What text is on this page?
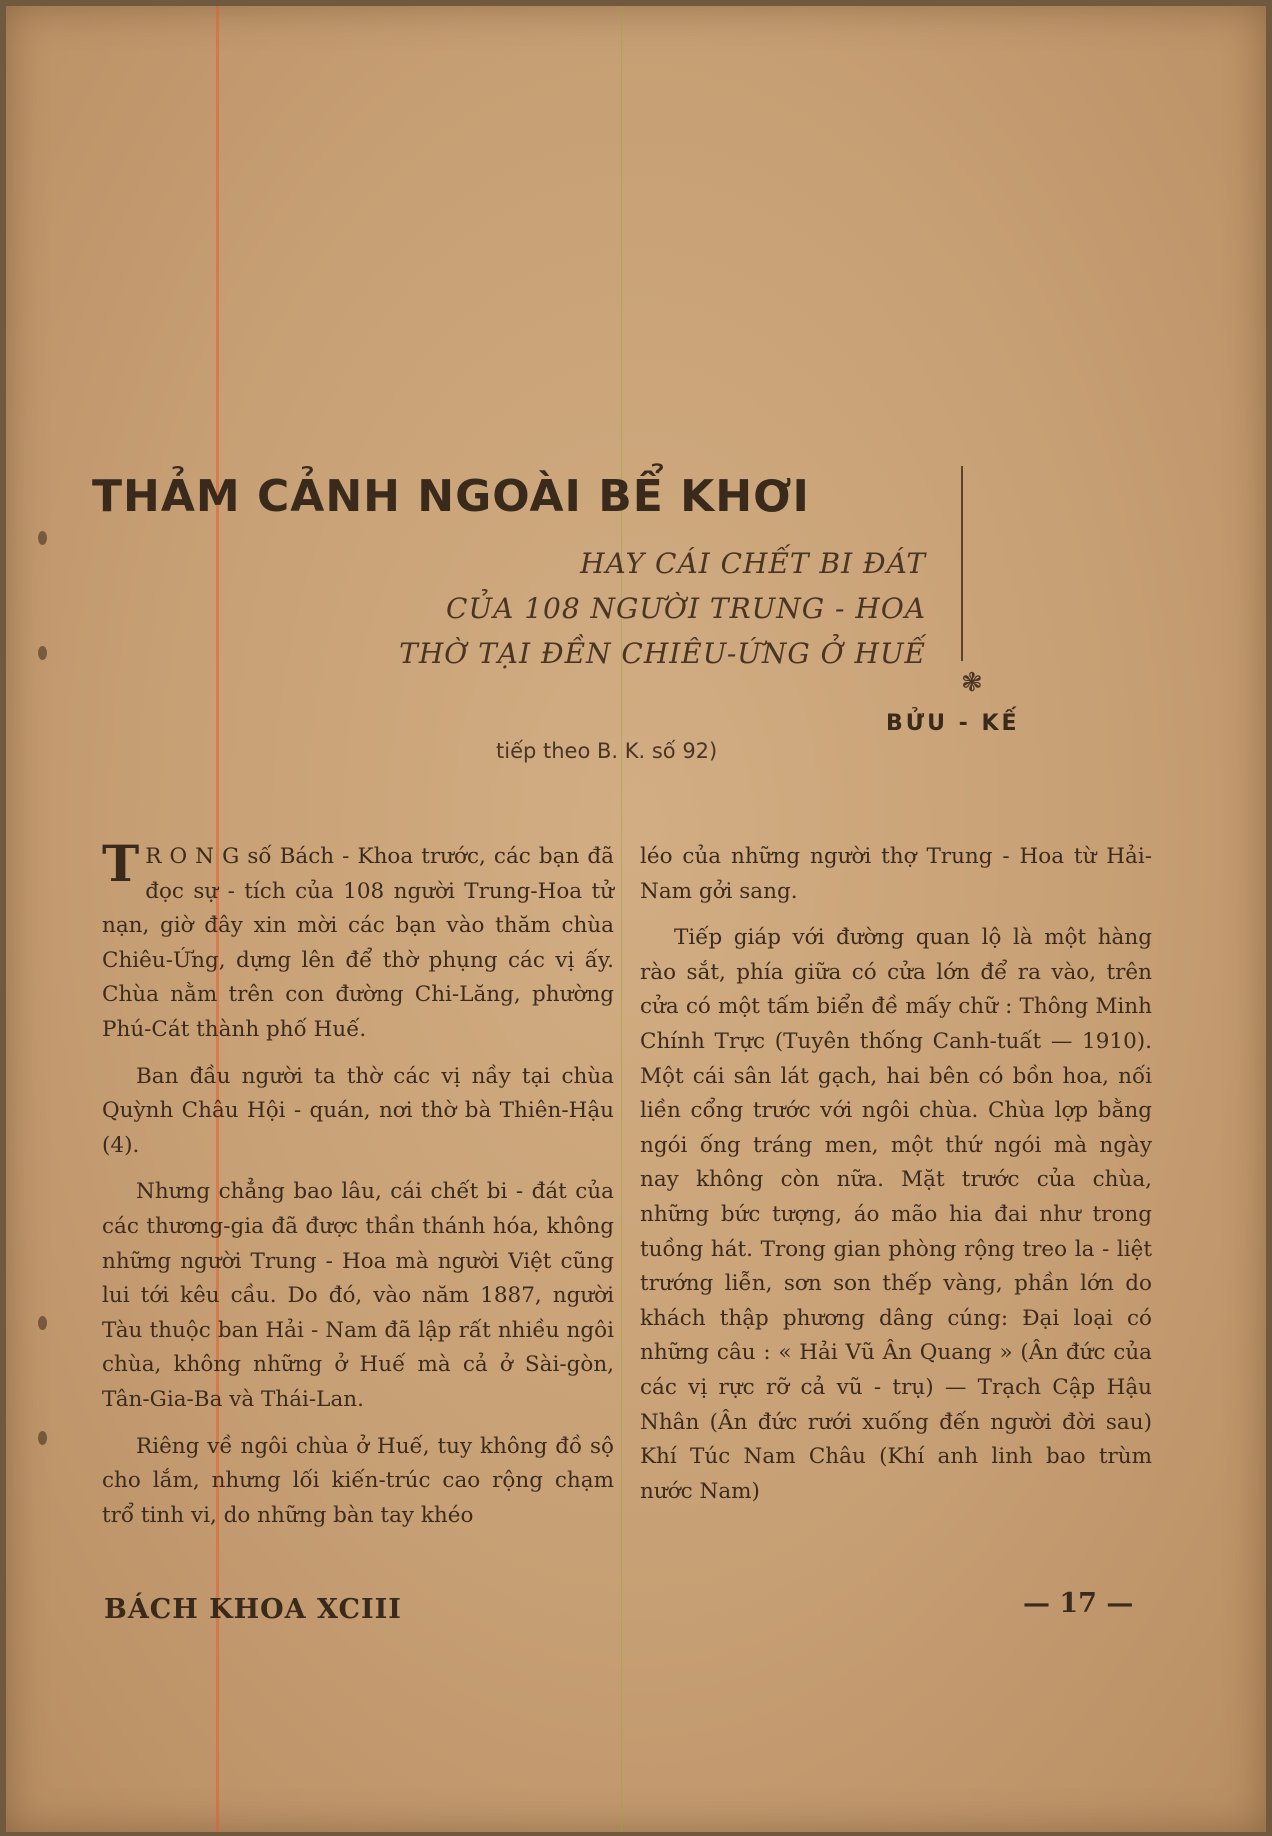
THẢM CẢNH NGOÀI BỂ KHƠI
HAY CÁI CHẾT BI ĐÁT
CỦA 108 NGƯỜI TRUNG - HOA
THỜ TẠI ĐỀN CHIÊU-ỨNG Ở HUẾ
❃
BỬU - KẾ
tiếp theo B. K. số 92)

T R O N G số Bách - Khoa trước, các bạn đã đọc sự - tích của 108 người Trung-Hoa tử nạn, giờ đây xin mời các bạn vào thăm chùa Chiêu-Ứng, dựng lên để thờ phụng các vị ấy. Chùa nằm trên con đường Chi-Lăng, phường Phú-Cát thành phố Huế.

Ban đầu người ta thờ các vị nầy tại chùa Quỳnh Châu Hội - quán, nơi thờ bà Thiên-Hậu (4).

Nhưng chẳng bao lâu, cái chết bi - đát của các thương-gia đã được thần thánh hóa, không những người Trung - Hoa mà người Việt cũng lui tới kêu cầu. Do đó, vào năm 1887, người Tàu thuộc ban Hải - Nam đã lập rất nhiều ngôi chùa, không những ở Huế mà cả ở Sài-gòn, Tân-Gia-Ba và Thái-Lan.

Riêng về ngôi chùa ở Huế, tuy không đồ sộ cho lắm, nhưng lối kiến-trúc cao rộng chạm trổ tinh vi, do những bàn tay khéo

léo của những người thợ Trung - Hoa từ Hải-Nam gởi sang.

Tiếp giáp với đường quan lộ là một hàng rào sắt, phía giữa có cửa lớn để ra vào, trên cửa có một tấm biển đề mấy chữ : Thông Minh Chính Trực (Tuyên thống Canh-tuất — 1910). Một cái sân lát gạch, hai bên có bồn hoa, nối liền cổng trước với ngôi chùa. Chùa lợp bằng ngói ống tráng men, một thứ ngói mà ngày nay không còn nữa. Mặt trước của chùa, những bức tượng, áo mão hia đai như trong tuồng hát. Trong gian phòng rộng treo la - liệt trướng liễn, sơn son thếp vàng, phần lớn do khách thập phương dâng cúng: Đại loại có những câu : « Hải Vũ Ân Quang » (Ân đức của các vị rực rỡ cả vũ - trụ) — Trạch Cập Hậu Nhân (Ân đức rưới xuống đến người đời sau) Khí Túc Nam Châu (Khí anh linh bao trùm nước Nam)

BÁCH KHOA XCIII	— 17 —
